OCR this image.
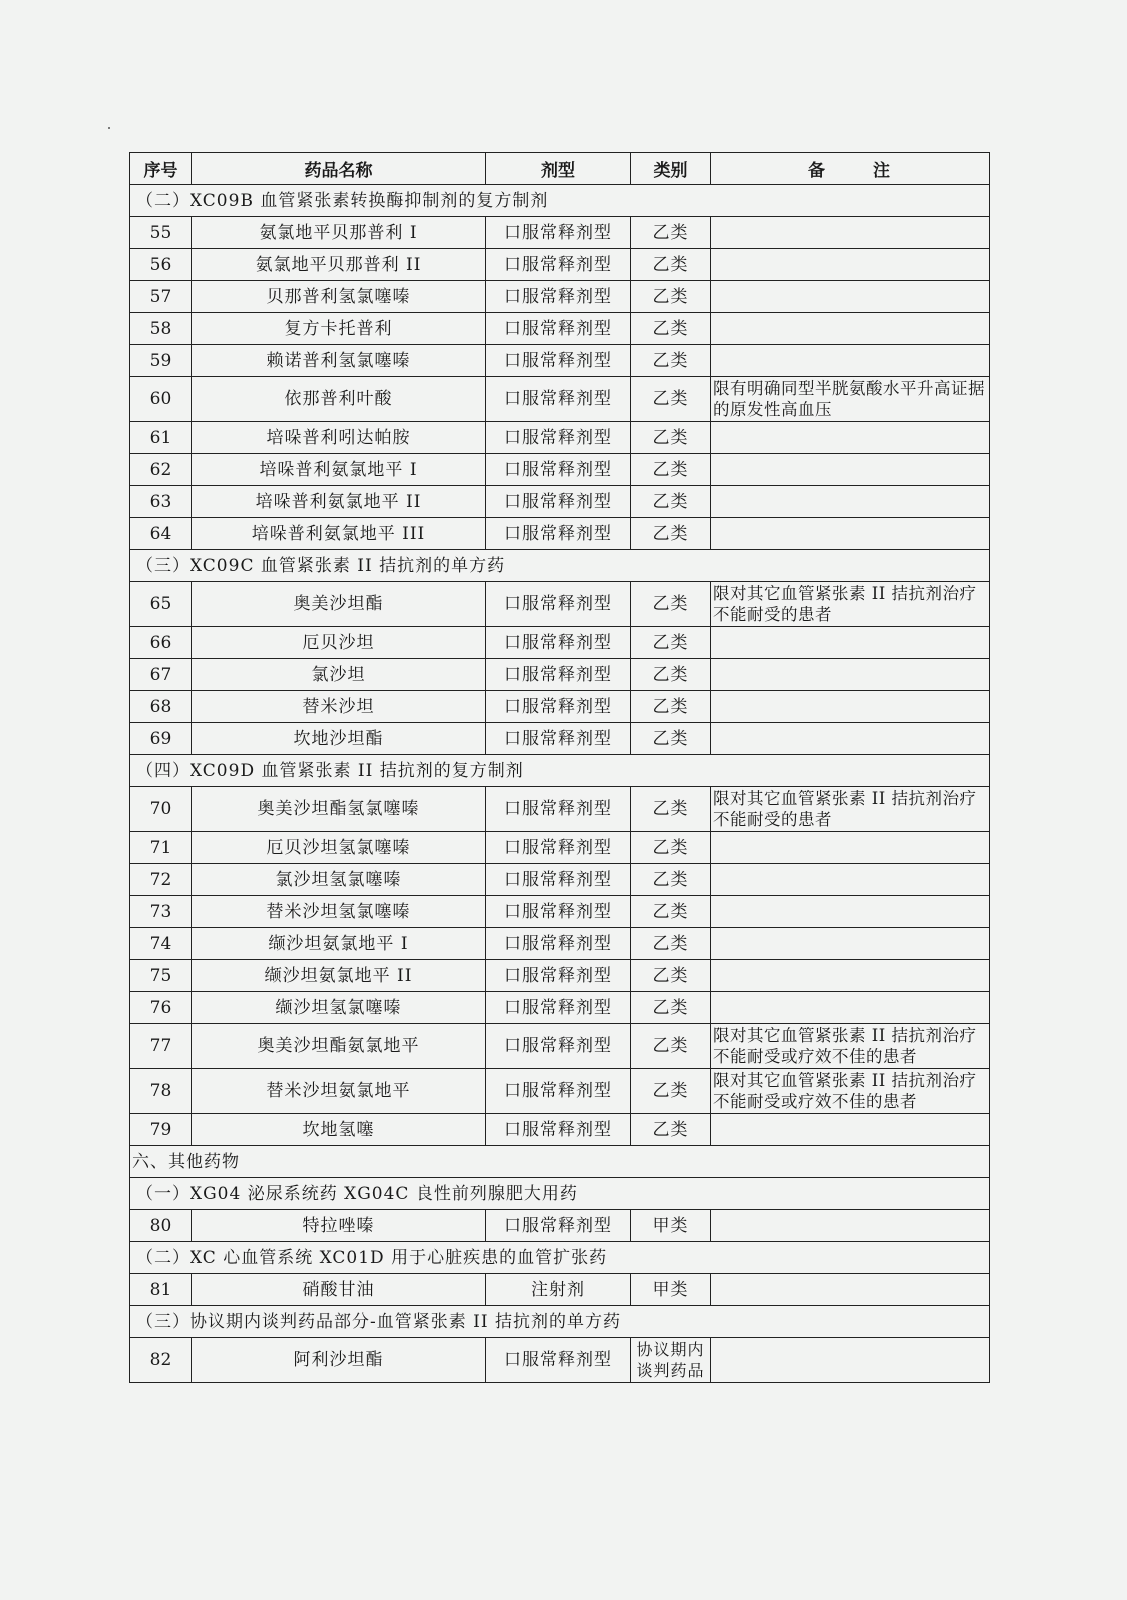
序号	药品名称	剂型	类别	备 注
（二）XC09B 血管紧张素转换酶抑制剂的复方制剂				
55	氨氯地平贝那普利 I	口服常释剂型	乙类	
56	氨氯地平贝那普利 II	口服常释剂型	乙类	
57	贝那普利氢氯噻嗪	口服常释剂型	乙类	
58	复方卡托普利	口服常释剂型	乙类	
59	赖诺普利氢氯噻嗪	口服常释剂型	乙类	
60	依那普利叶酸	口服常释剂型	乙类	限有明确同型半胱氨酸水平升高证据的原发性高血压
61	培哚普利吲达帕胺	口服常释剂型	乙类	
62	培哚普利氨氯地平 I	口服常释剂型	乙类	
63	培哚普利氨氯地平 II	口服常释剂型	乙类	
64	培哚普利氨氯地平 III	口服常释剂型	乙类	
（三）XC09C 血管紧张素 II 拮抗剂的单方药				
65	奥美沙坦酯	口服常释剂型	乙类	限对其它血管紧张素 II 拮抗剂治疗不能耐受的患者
66	厄贝沙坦	口服常释剂型	乙类	
67	氯沙坦	口服常释剂型	乙类	
68	替米沙坦	口服常释剂型	乙类	
69	坎地沙坦酯	口服常释剂型	乙类	
（四）XC09D 血管紧张素 II 拮抗剂的复方制剂				
70	奥美沙坦酯氢氯噻嗪	口服常释剂型	乙类	限对其它血管紧张素 II 拮抗剂治疗不能耐受的患者
71	厄贝沙坦氢氯噻嗪	口服常释剂型	乙类	
72	氯沙坦氢氯噻嗪	口服常释剂型	乙类	
73	替米沙坦氢氯噻嗪	口服常释剂型	乙类	
74	缬沙坦氨氯地平 I	口服常释剂型	乙类	
75	缬沙坦氨氯地平 II	口服常释剂型	乙类	
76	缬沙坦氢氯噻嗪	口服常释剂型	乙类	
77	奥美沙坦酯氨氯地平	口服常释剂型	乙类	限对其它血管紧张素 II 拮抗剂治疗不能耐受或疗效不佳的患者
78	替米沙坦氨氯地平	口服常释剂型	乙类	限对其它血管紧张素 II 拮抗剂治疗不能耐受或疗效不佳的患者
79	坎地氢噻	口服常释剂型	乙类	
六、其他药物				
（一）XG04 泌尿系统药 XG04C 良性前列腺肥大用药				
80	特拉唑嗪	口服常释剂型	甲类	
（二）XC 心血管系统 XC01D 用于心脏疾患的血管扩张药				
81	硝酸甘油	注射剂	甲类	
（三）协议期内谈判药品部分-血管紧张素 II 拮抗剂的单方药				
82	阿利沙坦酯	口服常释剂型	协议期内谈判药品	
